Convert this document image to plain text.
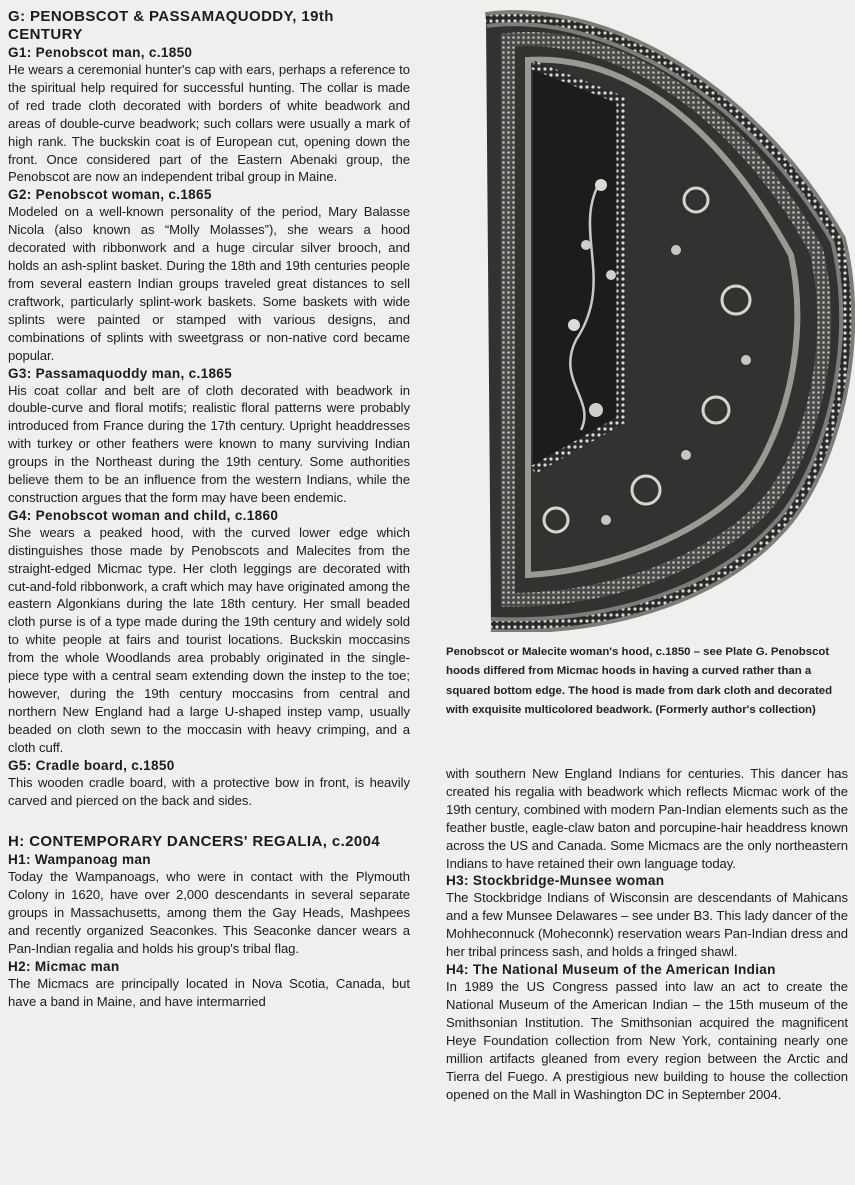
G: PENOBSCOT & PASSAMAQUODDY, 19th CENTURY
G1: Penobscot man, c.1850

He wears a ceremonial hunter's cap with ears, perhaps a reference to the spiritual help required for successful hunting. The collar is made of red trade cloth decorated with borders of white beadwork and areas of double-curve beadwork; such collars were usually a mark of high rank. The buckskin coat is of European cut, opening down the front. Once considered part of the Eastern Abenaki group, the Penobscot are now an independent tribal group in Maine.

G2: Penobscot woman, c.1865

Modeled on a well-known personality of the period, Mary Balasse Nicola (also known as “Molly Molasses”), she wears a hood decorated with ribbonwork and a huge circular silver brooch, and holds an ash-splint basket. During the 18th and 19th centuries people from several eastern Indian groups traveled great distances to sell craftwork, particularly splint-work baskets. Some baskets with wide splints were painted or stamped with various designs, and combinations of splints with sweetgrass or non-native cord became popular.

G3: Passamaquoddy man, c.1865

His coat collar and belt are of cloth decorated with beadwork in double-curve and floral motifs; realistic floral patterns were probably introduced from France during the 17th century. Upright headdresses with turkey or other feathers were known to many surviving Indian groups in the Northeast during the 19th century. Some authorities believe them to be an influence from the western Indians, while the construction argues that the form may have been endemic.

G4: Penobscot woman and child, c.1860

She wears a peaked hood, with the curved lower edge which distinguishes those made by Penobscots and Malecites from the straight-edged Micmac type. Her cloth leggings are decorated with cut-and-fold ribbonwork, a craft which may have originated among the eastern Algonkians during the late 18th century. Her small beaded cloth purse is of a type made during the 19th century and widely sold to white people at fairs and tourist locations. Buckskin moccasins from the whole Woodlands area probably originated in the single-piece type with a central seam extending down the instep to the toe; however, during the 19th century moccasins from central and northern New England had a large U-shaped instep vamp, usually beaded on cloth sewn to the moccasin with heavy crimping, and a cloth cuff.

G5: Cradle board, c.1850

This wooden cradle board, with a protective bow in front, is heavily carved and pierced on the back and sides.

H: CONTEMPORARY DANCERS' REGALIA, c.2004
H1: Wampanoag man

Today the Wampanoags, who were in contact with the Plymouth Colony in 1620, have over 2,000 descendants in several separate groups in Massachusetts, among them the Gay Heads, Mashpees and recently organized Seaconkes. This Seaconke dancer wears a Pan-Indian regalia and holds his group's tribal flag.

H2: Micmac man

The Micmacs are principally located in Nova Scotia, Canada, but have a band in Maine, and have intermarried

Penobscot or Malecite woman's hood, c.1850 – see Plate G. Penobscot hoods differed from Micmac hoods in having a curved rather than a squared bottom edge. The hood is made from dark cloth and decorated with exquisite multicolored beadwork. (Formerly author's collection)

with southern New England Indians for centuries. This dancer has created his regalia with beadwork which reflects Micmac work of the 19th century, combined with modern Pan-Indian elements such as the feather bustle, eagle-claw baton and porcupine-hair headdress known across the US and Canada. Some Micmacs are the only northeastern Indians to have retained their own language today.

H3: Stockbridge-Munsee woman

The Stockbridge Indians of Wisconsin are descendants of Mahicans and a few Munsee Delawares – see under B3. This lady dancer of the Mohheconnuck (Moheconnk) reservation wears Pan-Indian dress and her tribal princess sash, and holds a fringed shawl.

H4: The National Museum of the American Indian

In 1989 the US Congress passed into law an act to create the National Museum of the American Indian – the 15th museum of the Smithsonian Institution. The Smithsonian acquired the magnificent Heye Foundation collection from New York, containing nearly one million artifacts gleaned from every region between the Arctic and Tierra del Fuego. A prestigious new building to house the collection opened on the Mall in Washington DC in September 2004.
